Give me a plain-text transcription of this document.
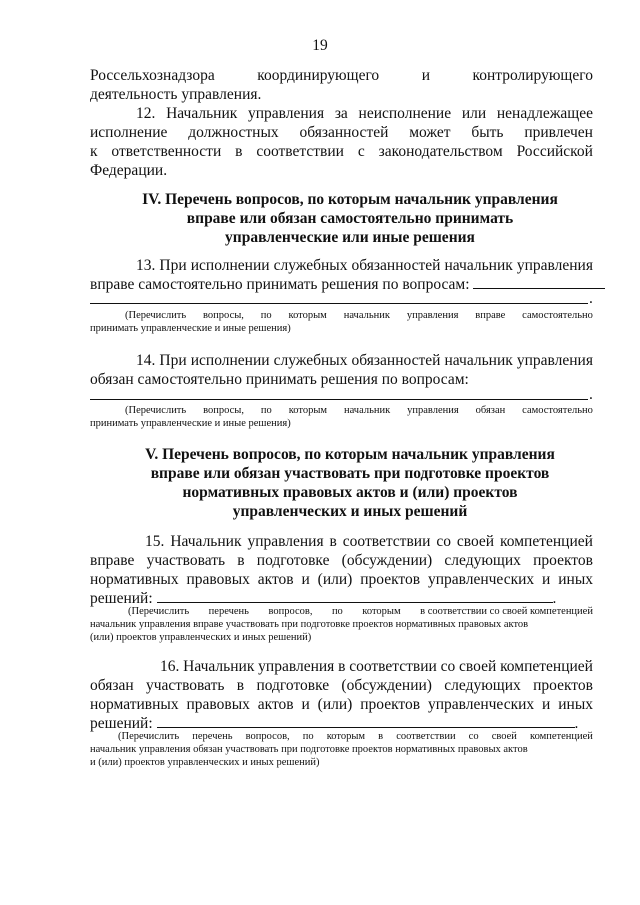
19
Россельхознадзора	координирующего	и	контролирующего
деятельность управления.
12. Начальник управления за неисполнение или ненадлежащее
исполнение должностных обязанностей может быть привлечен
к ответственности в соответствии с законодательством Российской
Федерации.
IV. Перечень вопросов, по которым начальник управления
вправе или обязан самостоятельно принимать
управленческие или иные решения
13. При исполнении служебных обязанностей начальник управления
вправе самостоятельно принимать решения по вопросам:
.
(Перечислить вопросы, по которым начальник управления вправе самостоятельно
принимать управленческие и иные решения)
14. При исполнении служебных обязанностей начальник управления
обязан самостоятельно принимать решения по вопросам:
.
(Перечислить вопросы, по которым начальник управления обязан самостоятельно
принимать управленческие и иные решения)
V. Перечень вопросов, по которым начальник управления
вправе или обязан участвовать при подготовке проектов
нормативных правовых актов и (или) проектов
управленческих и иных решений
15. Начальник управления в соответствии со своей компетенцией
вправе участвовать в подготовке (обсуждении) следующих проектов
нормативных правовых актов и (или) проектов управленческих и иных
решений:	.
(Перечислить перечень вопросов, по которым в соответствии со своей компетенцией
начальник управления вправе участвовать при подготовке проектов нормативных правовых актов
(или) проектов управленческих и иных решений)
16. Начальник управления в соответствии со своей компетенцией
обязан участвовать в подготовке (обсуждении) следующих проектов
нормативных правовых актов и (или) проектов управленческих и иных
решений:	.
(Перечислить перечень вопросов, по которым в соответствии со своей компетенцией
начальник управления обязан участвовать при подготовке проектов нормативных правовых актов
и (или) проектов управленческих и иных решений)
